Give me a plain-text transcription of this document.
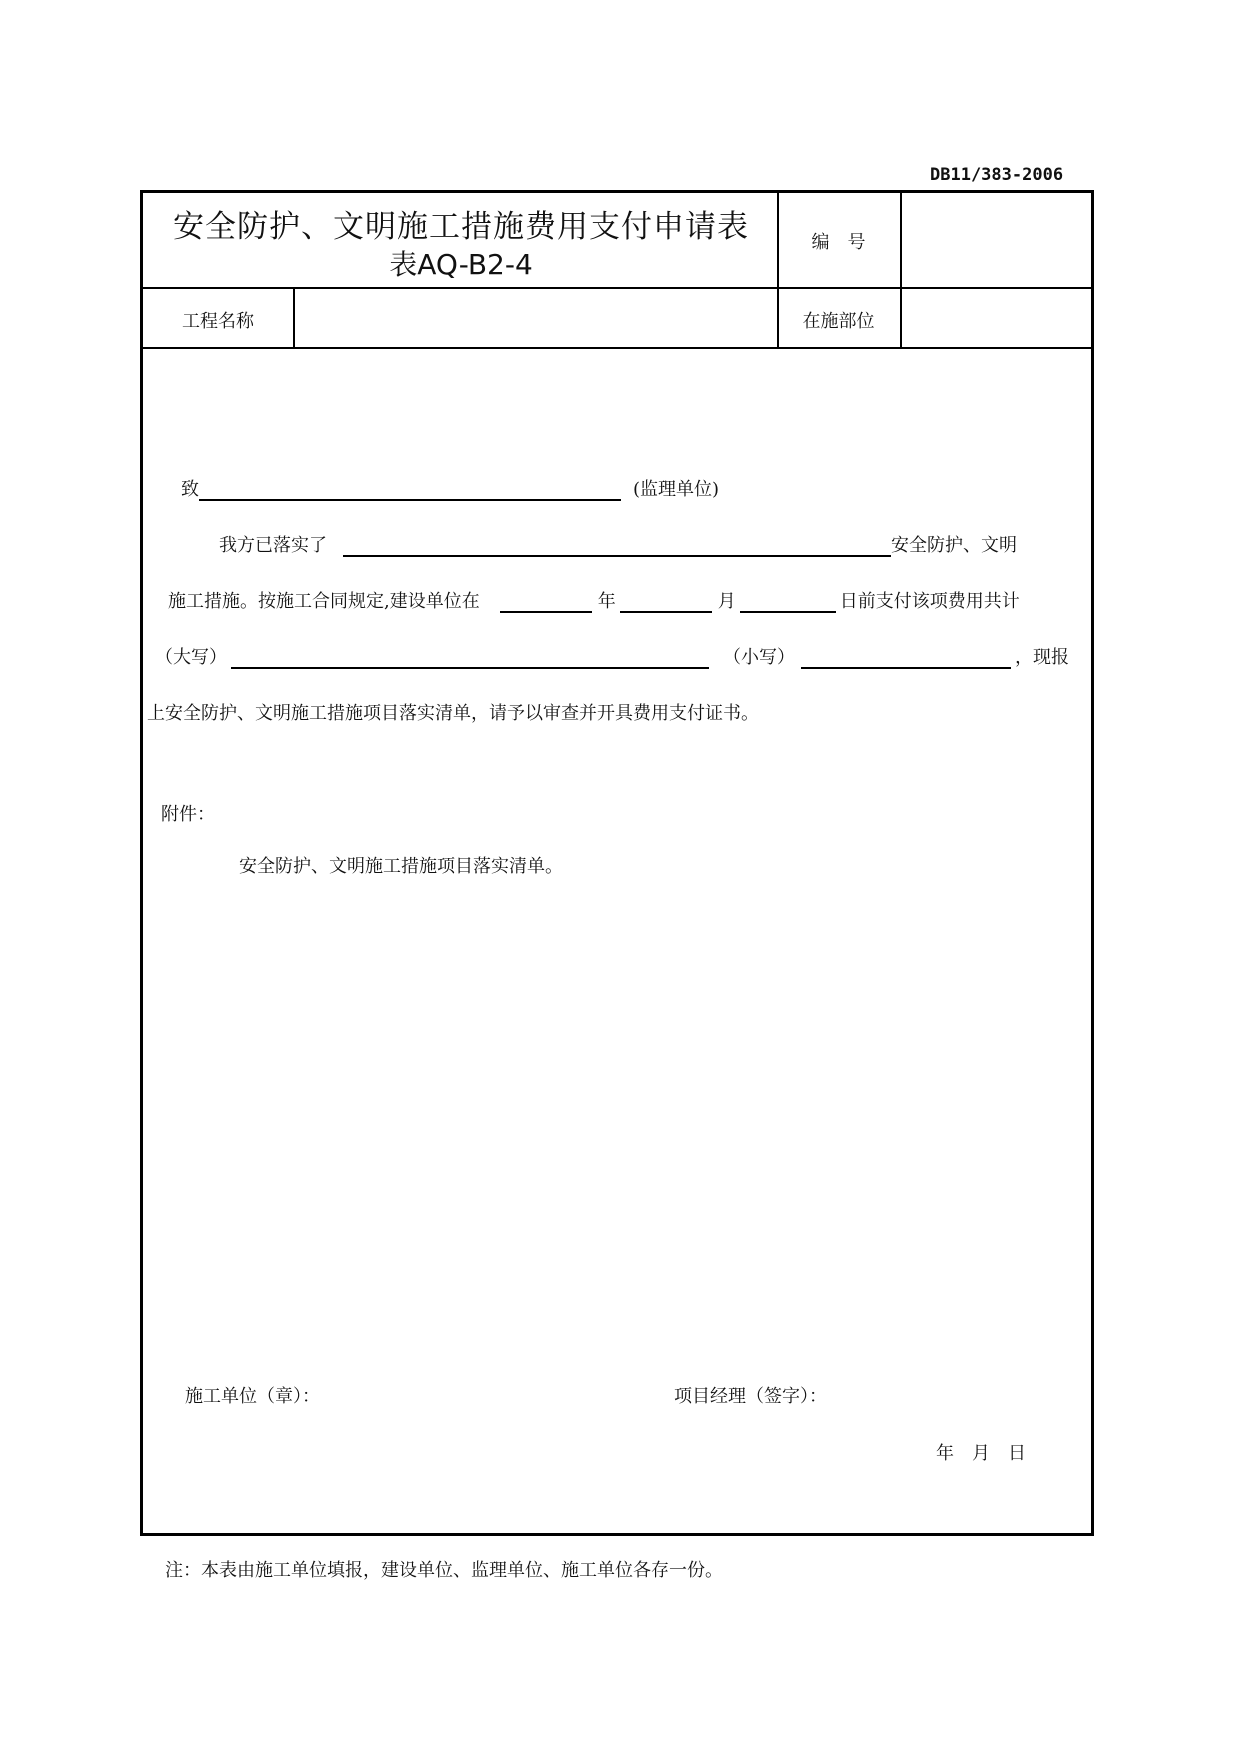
DB11/383-2006
安全防护、文明施工措施费用支付申请表
表AQ-B2-4
编　号
工程名称	在施部位
致	(监理单位)
我方已落实了	安全防护、文明
施工措施。按施工合同规定,建设单位在	年	月	日前支付该项费用共计
（大写）	（小写）	，现报
上安全防护、文明施工措施项目落实清单，请予以审查并开具费用支付证书。
附件：
安全防护、文明施工措施项目落实清单。
施工单位（章）：	项目经理（签字）：
年　月　日
注：本表由施工单位填报，建设单位、监理单位、施工单位各存一份。
